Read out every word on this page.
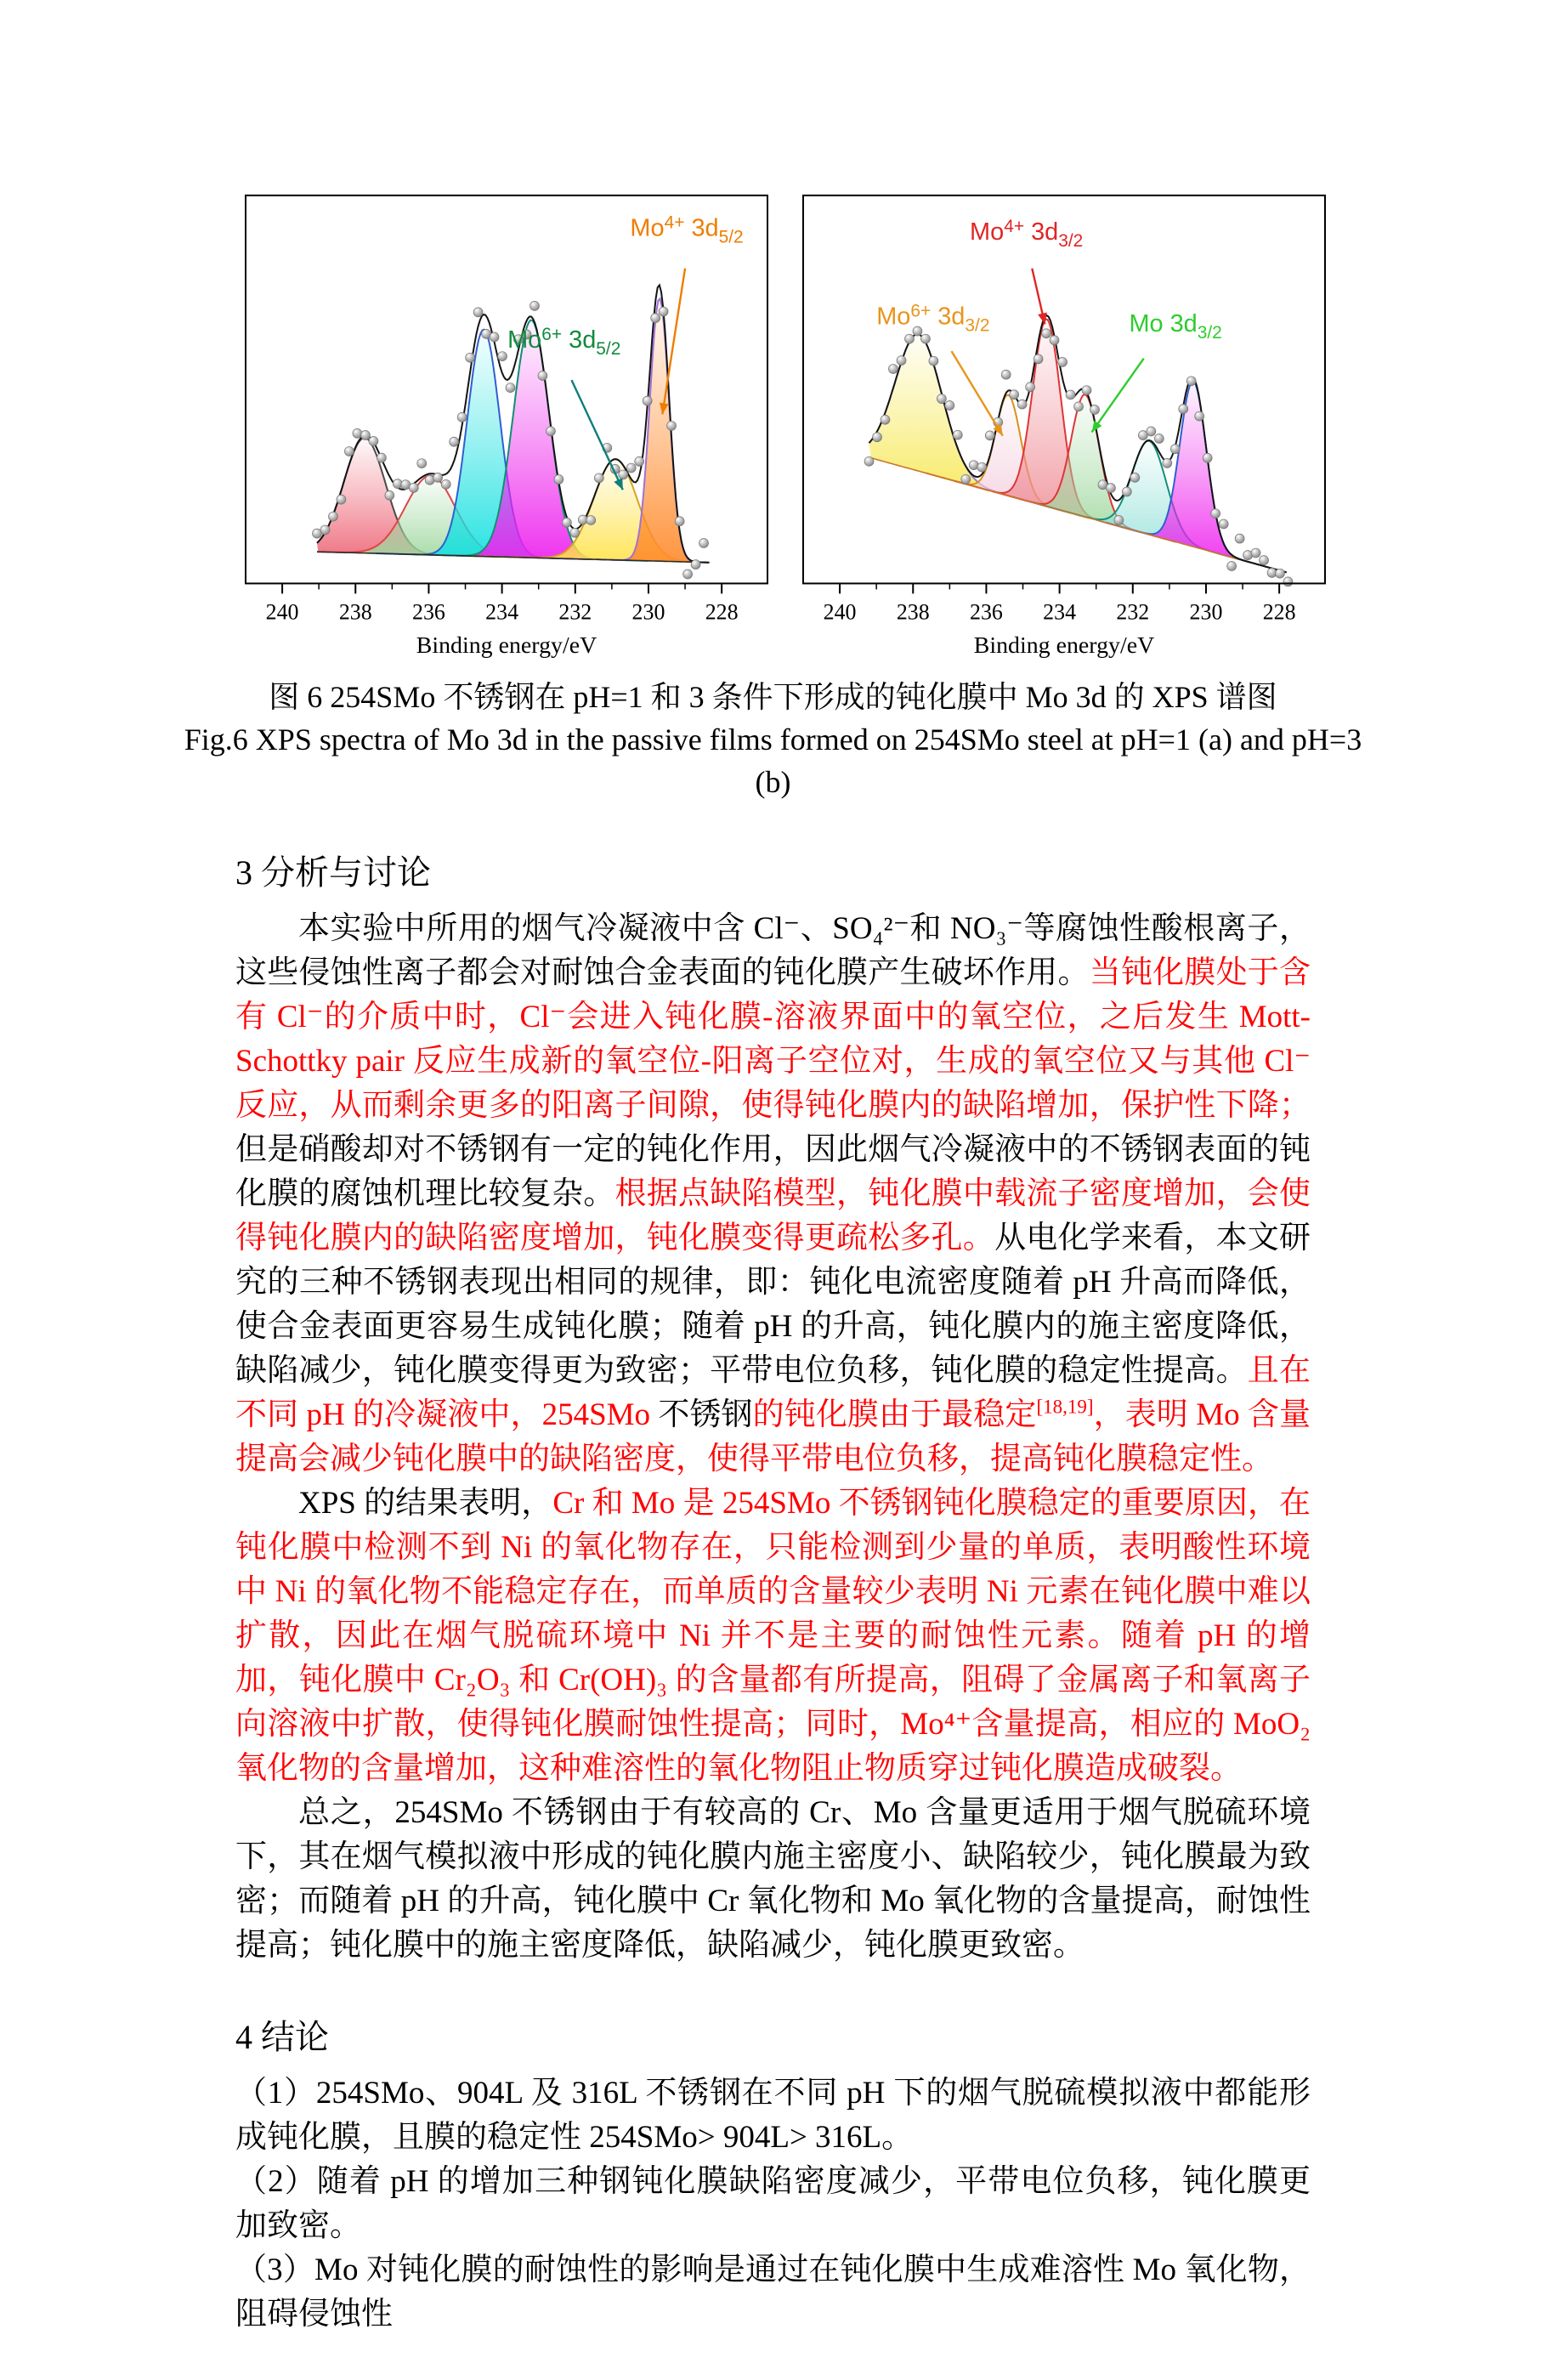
240 238 236 234 232 230 228
Binding energy/eV
$Mo^{4+}$ $3d_{5/2}$
$Mo^{6+}$ $3d_{5/2}$
240 238 236 234 232 230 228
Binding energy/eV
$Mo^{4+}$ $3d_{3/2}$
$Mo^{6+}$ $3d_{3/2}$	Mo $3d_{3/2}$

图 6 254SMo 不锈钢在 pH=1 和 3 条件下形成的钝化膜中 Mo 3d 的 XPS 谱图

Fig.6 XPS spectra of Mo 3d in the passive films formed on 254SMo steel at pH=1 (a) and pH=3

(b)

3 分析与讨论

本实验中所用的烟气冷凝液中含 Cl⁻、SO₄²⁻和 NO₃⁻等腐蚀性酸根离子，这些侵蚀性离子都会对耐蚀合金表面的钝化膜产生破坏作用。当钝化膜处于含有 Cl⁻的介质中时，Cl⁻会进入钝化膜-溶液界面中的氧空位，之后发生 Mott-Schottky pair 反应生成新的氧空位-阳离子空位对，生成的氧空位又与其他 Cl⁻反应，从而剩余更多的阳离子间隙，使得钝化膜内的缺陷增加，保护性下降；但是硝酸却对不锈钢有一定的钝化作用，因此烟气冷凝液中的不锈钢表面的钝化膜的腐蚀机理比较复杂。根据点缺陷模型，钝化膜中载流子密度增加，会使得钝化膜内的缺陷密度增加，钝化膜变得更疏松多孔。从电化学来看，本文研究的三种不锈钢表现出相同的规律，即：钝化电流密度随着 pH 升高而降低，使合金表面更容易生成钝化膜；随着 pH 的升高，钝化膜内的施主密度降低，缺陷减少，钝化膜变得更为致密；平带电位负移，钝化膜的稳定性提高。且在不同 pH 的冷凝液中，254SMo 不锈钢的钝化膜由于最稳定[18,19]，表明 Mo 含量提高会减少钝化膜中的缺陷密度，使得平带电位负移，提高钝化膜稳定性。

XPS 的结果表明，Cr 和 Mo 是 254SMo 不锈钢钝化膜稳定的重要原因，在钝化膜中检测不到 Ni 的氧化物存在，只能检测到少量的单质，表明酸性环境中 Ni 的氧化物不能稳定存在，而单质的含量较少表明 Ni 元素在钝化膜中难以扩散，因此在烟气脱硫环境中 Ni 并不是主要的耐蚀性元素。随着 pH 的增加，钝化膜中 Cr₂O₃ 和 Cr(OH)₃ 的含量都有所提高，阻碍了金属离子和氧离子向溶液中扩散，使得钝化膜耐蚀性提高；同时，Mo⁴⁺含量提高，相应的 MoO₂氧化物的含量增加，这种难溶性的氧化物阻止物质穿过钝化膜造成破裂。

总之，254SMo 不锈钢由于有较高的 Cr、Mo 含量更适用于烟气脱硫环境下，其在烟气模拟液中形成的钝化膜内施主密度小、缺陷较少，钝化膜最为致密；而随着 pH 的升高，钝化膜中 Cr 氧化物和 Mo 氧化物的含量提高，耐蚀性提高；钝化膜中的施主密度降低，缺陷减少，钝化膜更致密。

4 结论

（1）254SMo、904L 及 316L 不锈钢在不同 pH 下的烟气脱硫模拟液中都能形成钝化膜，且膜的稳定性 254SMo> 904L> 316L。

（2）随着 pH 的增加三种钢钝化膜缺陷密度减少，平带电位负移，钝化膜更加致密。

（3）Mo 对钝化膜的耐蚀性的影响是通过在钝化膜中生成难溶性 Mo 氧化物，阻碍侵蚀性
